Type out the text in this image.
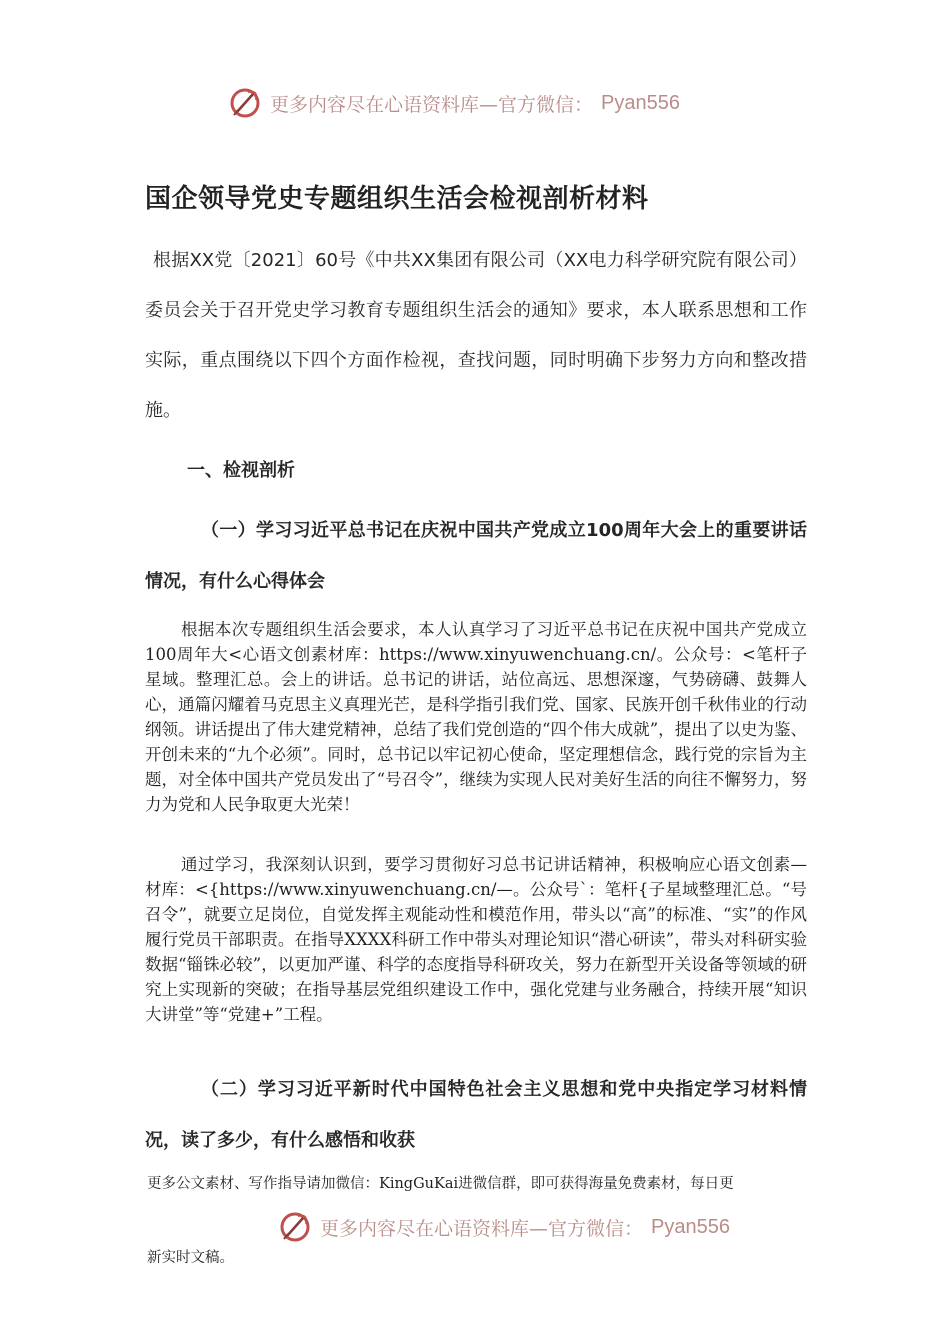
更多内容尽在心语资料库—官方微信： Pyan556
国企领导党史专题组织生活会检视剖析材料
根据XX党〔2021〕60号《中共XX集团有限公司（XX电力科学研究院有限公司）委员会关于召开党史学习教育专题组织生活会的通知》要求，本人联系思想和工作实际，重点围绕以下四个方面作检视，查找问题，同时明确下步努力方向和整改措施。
一、检视剖析
（一）学习习近平总书记在庆祝中国共产党成立100周年大会上的重要讲话情况，有什么心得体会

根据本次专题组织生活会要求，本人认真学习了习近平总书记在庆祝中国共产党成立100周年大<心语文创素材库：https://www.xinyuwenchuang.cn/。公众号：<笔杆子星域。整理汇总。会上的讲话。总书记的讲话，站位高远、思想深邃，气势磅礴、鼓舞人心，通篇闪耀着马克思主义真理光芒，是科学指引我们党、国家、民族开创千秋伟业的行动纲领。讲话提出了伟大建党精神，总结了我们党创造的“四个伟大成就”，提出了以史为鉴、开创未来的“九个必须”。同时，总书记以牢记初心使命，坚定理想信念，践行党的宗旨为主题，对全体中国共产党员发出了“号召令”，继续为实现人民对美好生活的向往不懈努力，努力为党和人民争取更大光荣！

通过学习，我深刻认识到，要学习贯彻好习总书记讲话精神，积极响应心语文创素—材库：<{https://www.xinyuwenchuang.cn/—。公众号`：笔杆{子星域整理汇总。“号召令”，就要立足岗位，自觉发挥主观能动性和模范作用，带头以“高”的标准、“实”的作风履行党员干部职责。在指导XXXX科研工作中带头对理论知识“潜心研读”，带头对科研实验数据“锱铢必较”，以更加严谨、科学的态度指导科研攻关，努力在新型开关设备等领域的研究上实现新的突破；在指导基层党组织建设工作中，强化党建与业务融合，持续开展“知识大讲堂”等“党建+”工程。

（二）学习习近平新时代中国特色社会主义思想和党中央指定学习材料情况，读了多少，有什么感悟和收获
更多公文素材、写作指导请加微信：KingGuKai进微信群，即可获得海量免费素材，每日更
更多内容尽在心语资料库—官方微信： Pyan556
新实时文稿。
